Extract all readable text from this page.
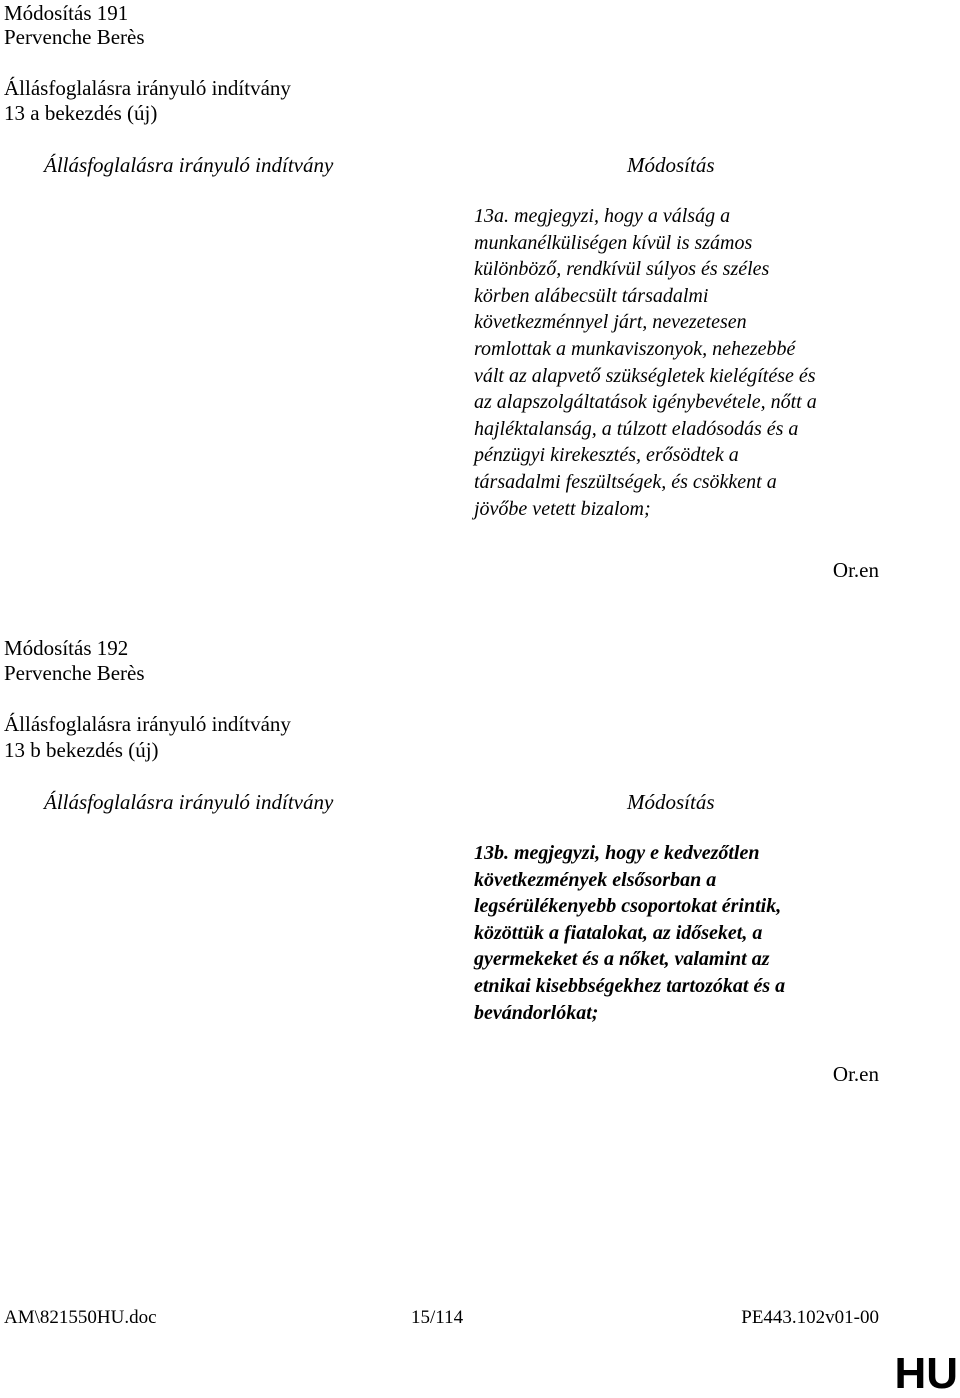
Módosítás 191
Pervenche Berès
Állásfoglalásra irányuló indítvány
13 a bekezdés (új)
Állásfoglalásra irányuló indítvány	Módosítás
13a. megjegyzi, hogy a válság a
munkanélküliségen kívül is számos
különböző, rendkívül súlyos és széles
körben alábecsült társadalmi
következménnyel járt, nevezetesen
romlottak a munkaviszonyok, nehezebbé
vált az alapvető szükségletek kielégítése és
az alapszolgáltatások igénybevétele, nőtt a
hajléktalanság, a túlzott eladósodás és a
pénzügyi kirekesztés, erősödtek a
társadalmi feszültségek, és csökkent a
jövőbe vetett bizalom;
Or.en
Módosítás 192
Pervenche Berès
Állásfoglalásra irányuló indítvány
13 b bekezdés (új)
Állásfoglalásra irányuló indítvány	Módosítás
13b. megjegyzi, hogy e kedvezőtlen
következmények elsősorban a
legsérülékenyebb csoportokat érintik,
közöttük a fiatalokat, az időseket, a
gyermekeket és a nőket, valamint az
etnikai kisebbségekhez tartozókat és a
bevándorlókat;
Or.en
AM\821550HU.doc	15/114	PE443.102v01-00
HU
